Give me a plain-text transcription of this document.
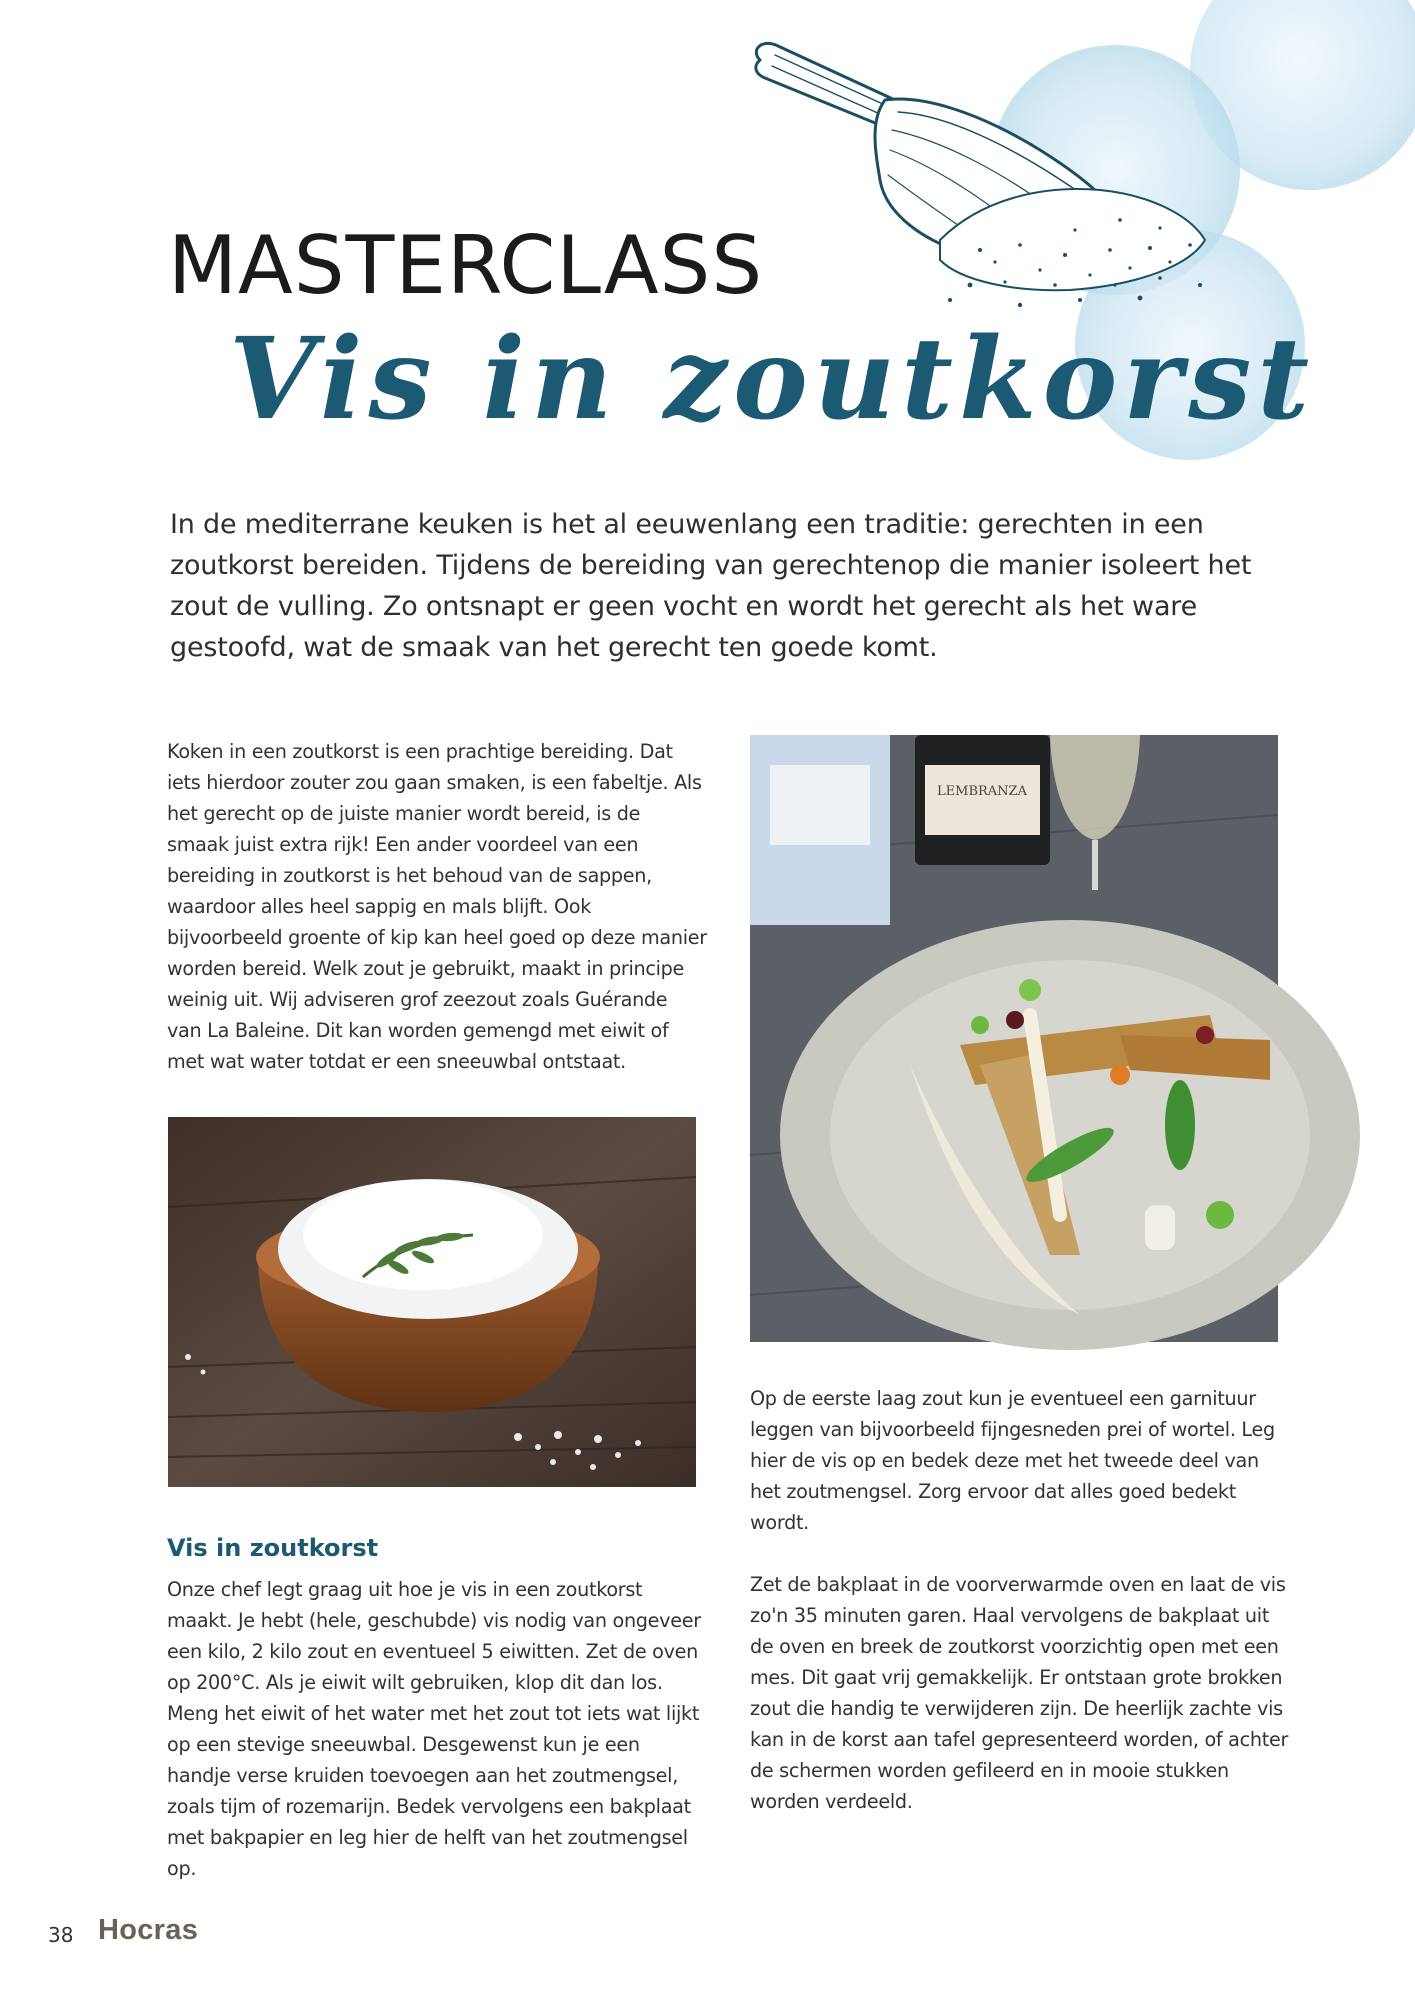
MASTERCLASS
Vis in zoutkorst

In de mediterrane keuken is het al eeuwenlang een traditie: gerechten in een zoutkorst bereiden. Tijdens de bereiding van gerechtenop die manier isoleert het zout de vulling. Zo ontsnapt er geen vocht en wordt het gerecht als het ware gestoofd, wat de smaak van het gerecht ten goede komt.

Koken in een zoutkorst is een prachtige bereiding. Dat iets hierdoor zouter zou gaan smaken, is een fabeltje. Als het gerecht op de juiste manier wordt bereid, is de smaak juist extra rijk! Een ander voordeel van een bereiding in zoutkorst is het behoud van de sappen, waardoor alles heel sappig en mals blijft. Ook bijvoorbeeld groente of kip kan heel goed op deze manier worden bereid. Welk zout je gebruikt, maakt in principe weinig uit. Wij adviseren grof zeezout zoals Guérande van La Baleine. Dit kan worden gemengd met eiwit of met wat water totdat er een sneeuwbal ontstaat.

Vis in zoutkorst

Onze chef legt graag uit hoe je vis in een zoutkorst maakt. Je hebt (hele, geschubde) vis nodig van ongeveer een kilo, 2 kilo zout en eventueel 5 eiwitten. Zet de oven op 200°C. Als je eiwit wilt gebruiken, klop dit dan los. Meng het eiwit of het water met het zout tot iets wat lijkt op een stevige sneeuwbal. Desgewenst kun je een handje verse kruiden toevoegen aan het zoutmengsel, zoals tijm of rozemarijn. Bedek vervolgens een bakplaat met bakpapier en leg hier de helft van het zoutmengsel op.

LEMBRANZA

Op de eerste laag zout kun je eventueel een garnituur leggen van bijvoorbeeld fijngesneden prei of wortel. Leg hier de vis op en bedek deze met het tweede deel van het zoutmengsel. Zorg ervoor dat alles goed bedekt wordt.

Zet de bakplaat in de voorverwarmde oven en laat de vis zo'n 35 minuten garen. Haal vervolgens de bakplaat uit de oven en breek de zoutkorst voorzichtig open met een mes. Dit gaat vrij gemakkelijk. Er ontstaan grote brokken zout die handig te verwijderen zijn. De heerlijk zachte vis kan in de korst aan tafel gepresenteerd worden, of achter de schermen worden gefileerd en in mooie stukken worden verdeeld.

38 Hocras
